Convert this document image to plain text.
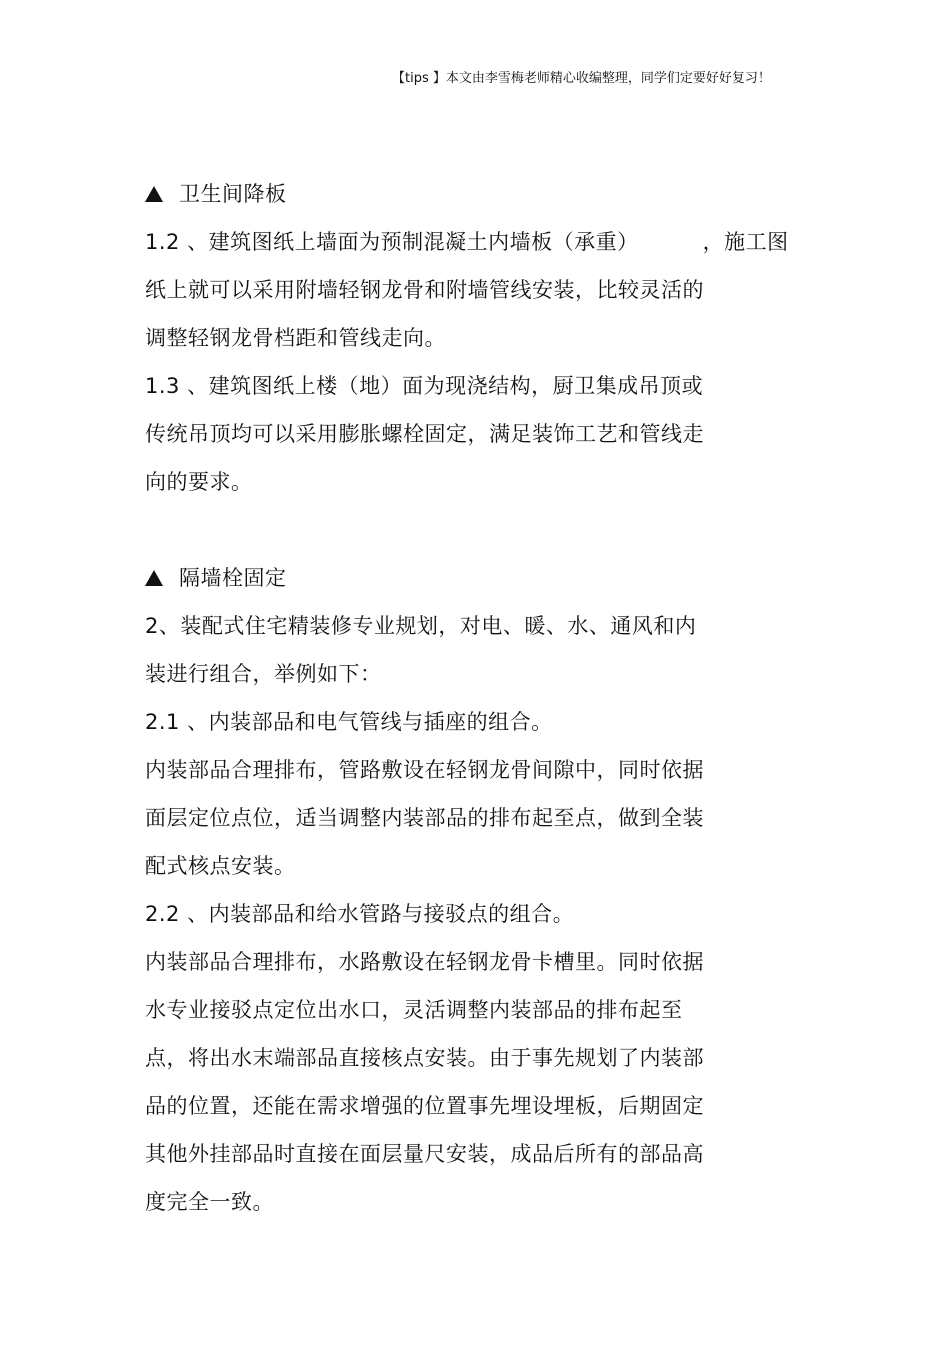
【tips 】本文由李雪梅老师精心收编整理，同学们定要好好复习！
卫生间降板
1.2 、建筑图纸上墙面为预制混凝土内墙板（承重）	，施工图
纸上就可以采用附墙轻钢龙骨和附墙管线安装，比较灵活的
调整轻钢龙骨档距和管线走向。
1.3 、建筑图纸上楼（地）面为现浇结构，厨卫集成吊顶或
传统吊顶均可以采用膨胀螺栓固定，满足装饰工艺和管线走
向的要求。
隔墙栓固定
2、装配式住宅精装修专业规划，对电、暖、水、通风和内
装进行组合，举例如下：
2.1 、内装部品和电气管线与插座的组合。
内装部品合理排布，管路敷设在轻钢龙骨间隙中，同时依据
面层定位点位，适当调整内装部品的排布起至点，做到全装
配式核点安装。
2.2 、内装部品和给水管路与接驳点的组合。
内装部品合理排布，水路敷设在轻钢龙骨卡槽里。同时依据
水专业接驳点定位出水口，灵活调整内装部品的排布起至
点，将出水末端部品直接核点安装。由于事先规划了内装部
品的位置，还能在需求增强的位置事先埋设埋板，后期固定
其他外挂部品时直接在面层量尺安装，成品后所有的部品高
度完全一致。
